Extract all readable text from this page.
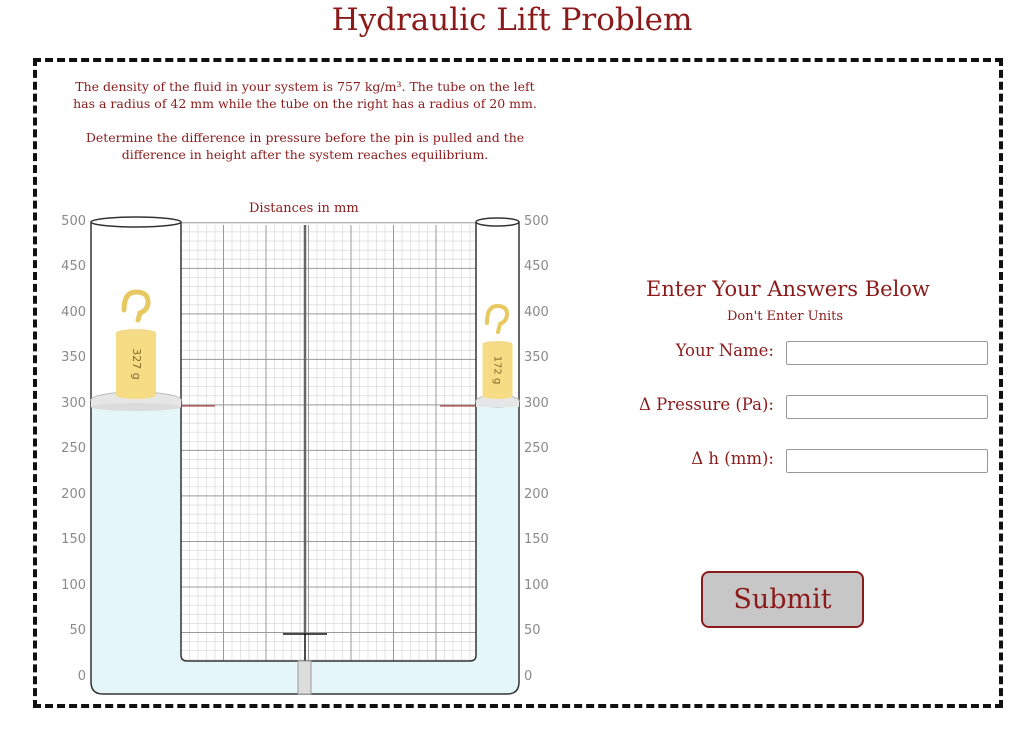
Hydraulic Lift Problem
The density of the fluid in your system is 757 kg/m³. The tube on the left
has a radius of 42 mm while the tube on the right has a radius of 20 mm.
Determine the difference in pressure before the pin is pulled and the
difference in height after the system reaches equilibrium.
327 g	172 g
Distances in mm
500
450
400
350
300
250
200
150
100
50
0
500
450
400
350
300
250
200
150
100
50
0
Enter Your Answers Below
Don't Enter Units
Your Name:
Δ Pressure (Pa):
Δ h (mm):
Submit
